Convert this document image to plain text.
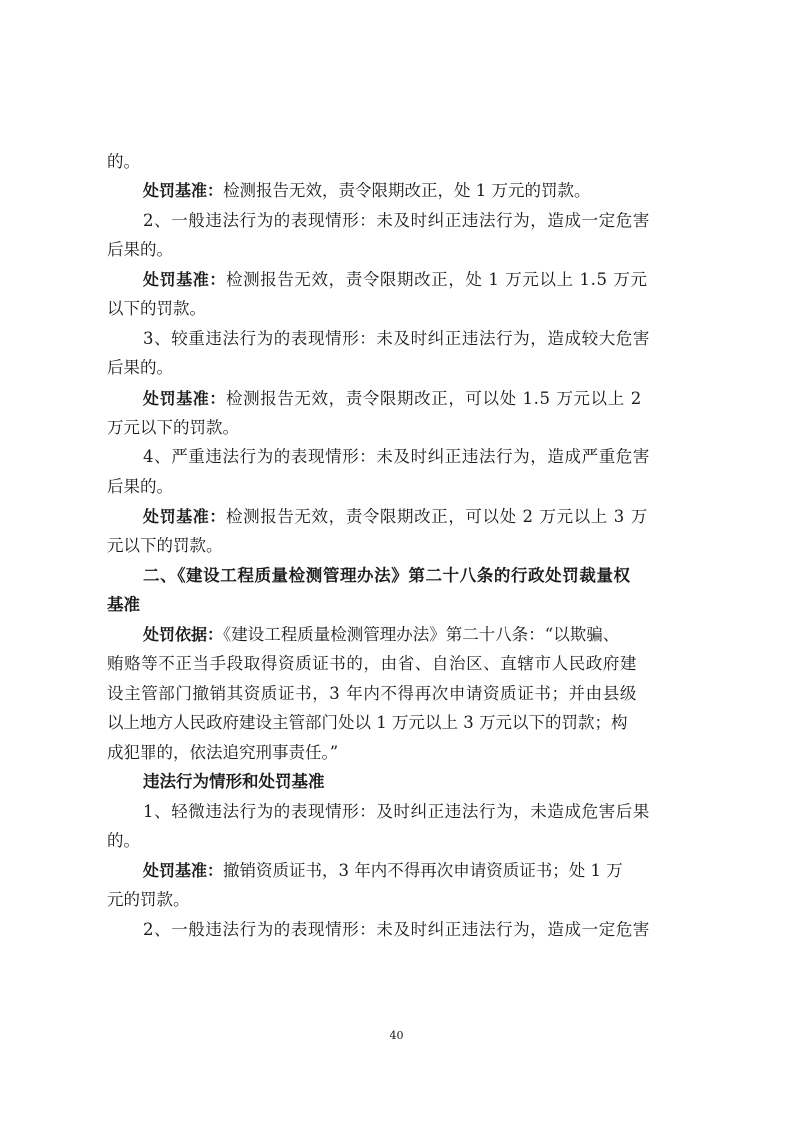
的。
处罚基准：检测报告无效，责令限期改正，处 1 万元的罚款。
2、一般违法行为的表现情形：未及时纠正违法行为，造成一定危害
后果的。
处罚基准：检测报告无效，责令限期改正，处 1 万元以上 1.5 万元
以下的罚款。
3、较重违法行为的表现情形：未及时纠正违法行为，造成较大危害
后果的。
处罚基准：检测报告无效，责令限期改正，可以处 1.5 万元以上 2
万元以下的罚款。
4、严重违法行为的表现情形：未及时纠正违法行为，造成严重危害
后果的。
处罚基准：检测报告无效，责令限期改正，可以处 2 万元以上 3 万
元以下的罚款。
二、《建设工程质量检测管理办法》第二十八条的行政处罚裁量权
基准
处罚依据：《建设工程质量检测管理办法》第二十八条：“以欺骗、
贿赂等不正当手段取得资质证书的，由省、自治区、直辖市人民政府建
设主管部门撤销其资质证书，3 年内不得再次申请资质证书；并由县级
以上地方人民政府建设主管部门处以 1 万元以上 3 万元以下的罚款；构
成犯罪的，依法追究刑事责任。”
违法行为情形和处罚基准
1、轻微违法行为的表现情形：及时纠正违法行为，未造成危害后果
的。
处罚基准：撤销资质证书，3 年内不得再次申请资质证书；处 1 万
元的罚款。
2、一般违法行为的表现情形：未及时纠正违法行为，造成一定危害
40
